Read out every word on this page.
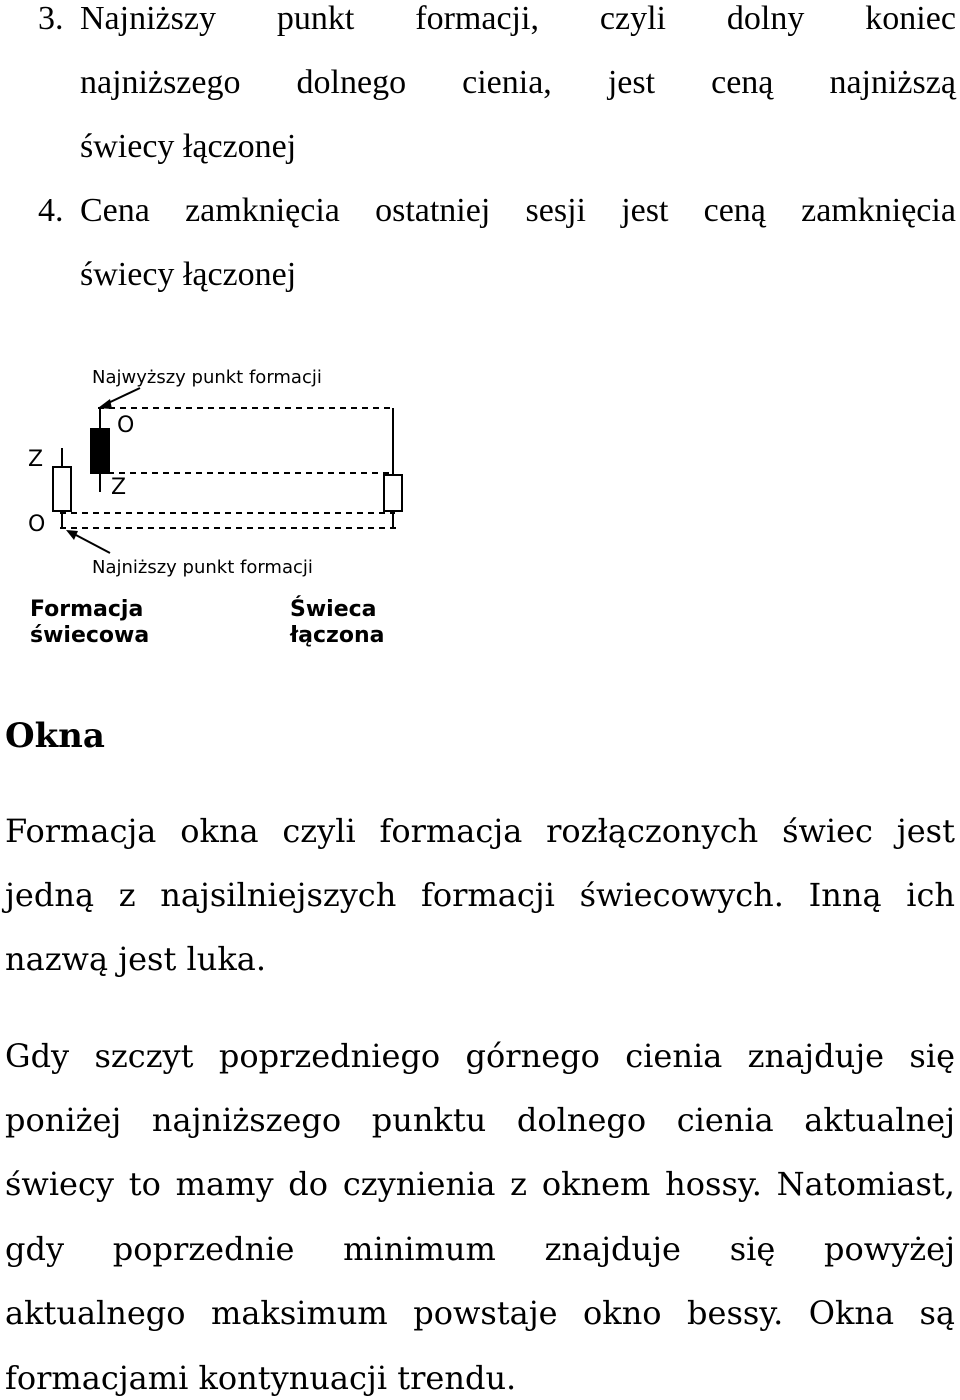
3. Najniższy punkt formacji, czyli dolny koniec
najniższego dolnego cienia, jest ceną najniższą
świecy łączonej
4. Cena zamknięcia ostatniej sesji jest ceną zamknięcia
świecy łączonej
Najwyższy punkt formacji
Z
O
O
Z
Najniższy punkt formacji
Formacja świecowa
Świeca łączona
Okna
Formacja okna czyli formacja rozłączonych świec jest
jedną z najsilniejszych formacji świecowych. Inną ich
nazwą jest luka.
Gdy szczyt poprzedniego górnego cienia znajduje się
poniżej najniższego punktu dolnego cienia aktualnej
świecy to mamy do czynienia z oknem hossy. Natomiast,
gdy poprzednie minimum znajduje się powyżej
aktualnego maksimum powstaje okno bessy. Okna są
formacjami kontynuacji trendu.
